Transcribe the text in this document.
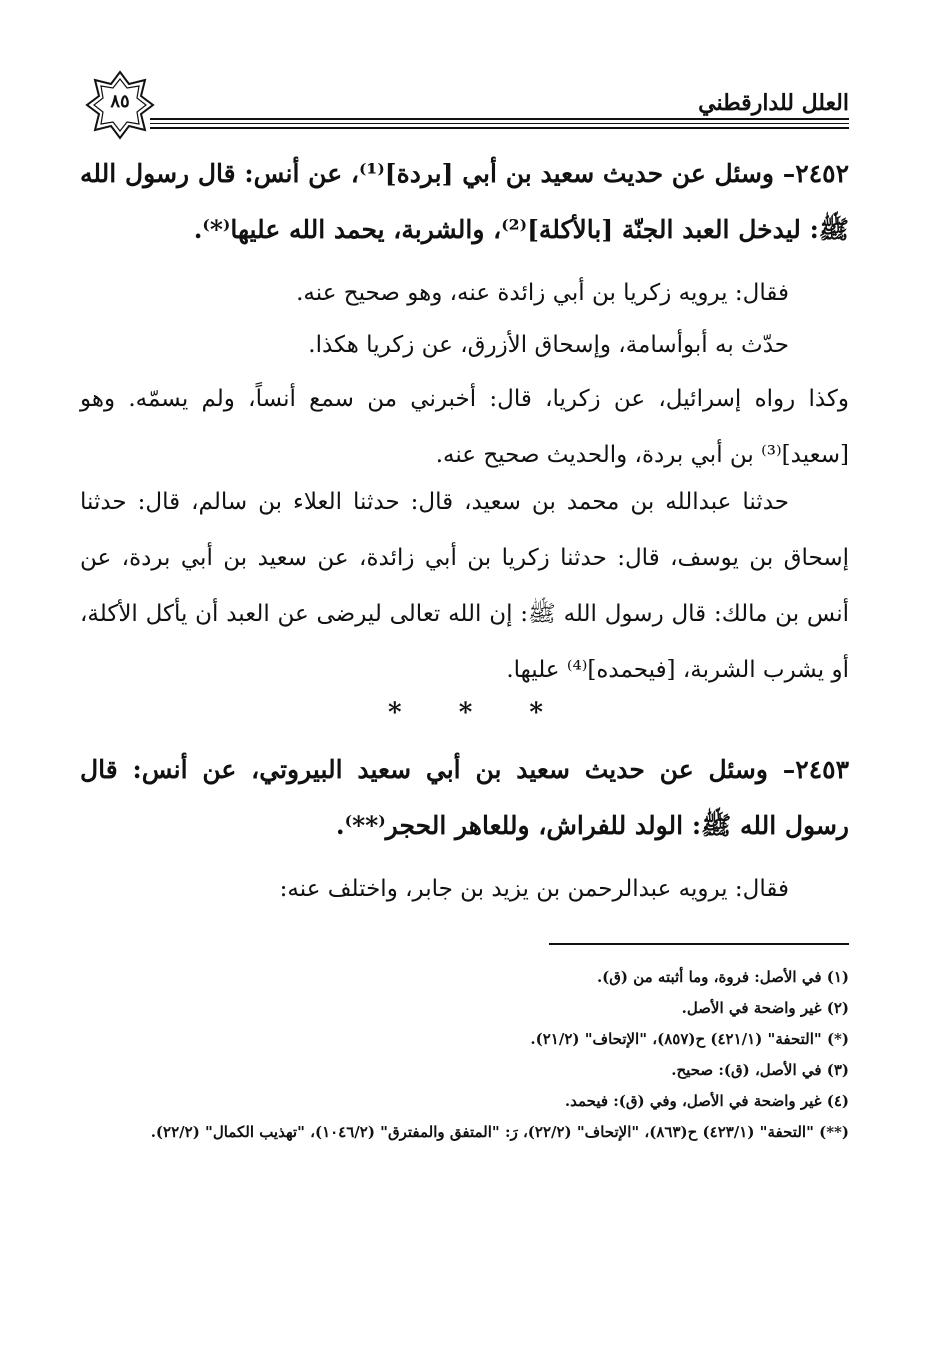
العلل للدارقطني
٨٥
٢٤٥٢– وسئل عن حديث سعيد بن أبي [بردة]⁽¹⁾، عن أنس: قال رسول الله ﷺ: ليدخل العبد الجنّة [بالأكلة]⁽²⁾، والشربة، يحمد الله عليها⁽*⁾.
فقال: يرويه زكريا بن أبي زائدة عنه، وهو صحيح عنه.
حدّث به أبوأسامة، وإسحاق الأزرق، عن زكريا هكذا.
وكذا رواه إسرائيل، عن زكريا، قال: أخبرني من سمع أنساً، ولم يسمّه. وهو [سعيد]⁽³⁾ بن أبي بردة، والحديث صحيح عنه.
حدثنا عبدالله بن محمد بن سعيد، قال: حدثنا العلاء بن سالم، قال: حدثنا إسحاق بن يوسف، قال: حدثنا زكريا بن أبي زائدة، عن سعيد بن أبي بردة، عن أنس بن مالك: قال رسول الله ﷺ: إن الله تعالى ليرضى عن العبد أن يأكل الأكلة، أو يشرب الشربة، [فيحمده]⁽⁴⁾ عليها.
* * *
٢٤٥٣– وسئل عن حديث سعيد بن أبي سعيد البيروتي، عن أنس: قال رسول الله ﷺ: الولد للفراش، وللعاهر الحجر⁽**⁾.
فقال: يرويه عبدالرحمن بن يزيد بن جابر، واختلف عنه:
(١) في الأصل: فروة، وما أثبته من (ق).
(٢) غير واضحة في الأصل.
(*) "التحفة" (٤٢١/١) ح(٨٥٧)، "الإتحاف" (٢١/٢).
(٣) في الأصل، (ق): صحيح.
(٤) غير واضحة في الأصل، وفي (ق): فيحمد.
(**) "التحفة" (٤٢٣/١) ح(٨٦٣)، "الإتحاف" (٢٢/٢)، رَ: "المتفق والمفترق" (١٠٤٦/٢)، "تهذيب الكمال" (٢٢/٢).
